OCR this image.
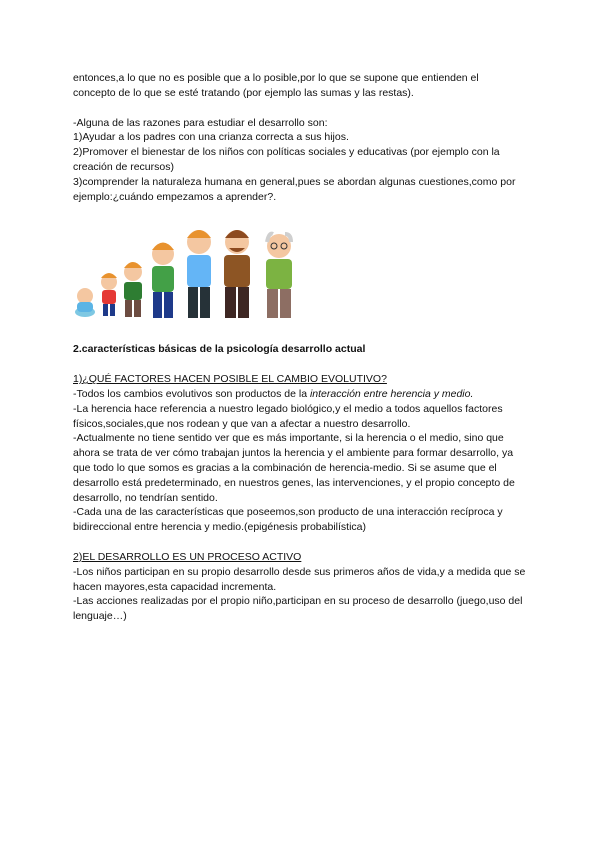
entonces,a lo que no es posible que a lo posible,por lo que se supone que entienden el

concepto de lo que se esté tratando (por ejemplo las sumas y las restas).

-Alguna de las razones para estudiar el desarrollo son:

1)Ayudar a los padres con una crianza correcta a sus hijos.

2)Promover el bienestar de los niños con políticas sociales y educativas (por ejemplo con la creación de recursos)

3)comprender la naturaleza humana en general,pues se abordan algunas cuestiones,como por ejemplo:¿cuándo empezamos a aprender?.

2.características básicas de la psicología desarrollo actual

1)¿QUÉ FACTORES HACEN POSIBLE EL CAMBIO EVOLUTIVO?

-Todos los cambios evolutivos son productos de la interacción entre herencia y medio.

-La herencia hace referencia a nuestro legado biológico,y el medio a todos aquellos factores físicos,sociales,que nos rodean y que van a afectar a nuestro desarrollo.

-Actualmente no tiene sentido ver que es más importante, si la herencia o el medio, sino que ahora se trata de ver cómo trabajan juntos la herencia y el ambiente para formar desarrollo, ya que todo lo que somos es gracias a la combinación de herencia-medio. Si se asume que el desarrollo está predeterminado, en nuestros genes, las intervenciones, y el propio concepto de desarrollo, no tendrían sentido.

-Cada una de las características que poseemos,son producto de una interacción recíproca y bidireccional entre herencia y medio.(epigénesis probabilística)

2)EL DESARROLLO ES UN PROCESO ACTIVO

-Los niños participan en su propio desarrollo desde sus primeros años de vida,y a medida que se hacen mayores,esta capacidad incrementa.

-Las acciones realizadas por el propio niño,participan en su proceso de desarrollo (juego,uso del lenguaje…)
